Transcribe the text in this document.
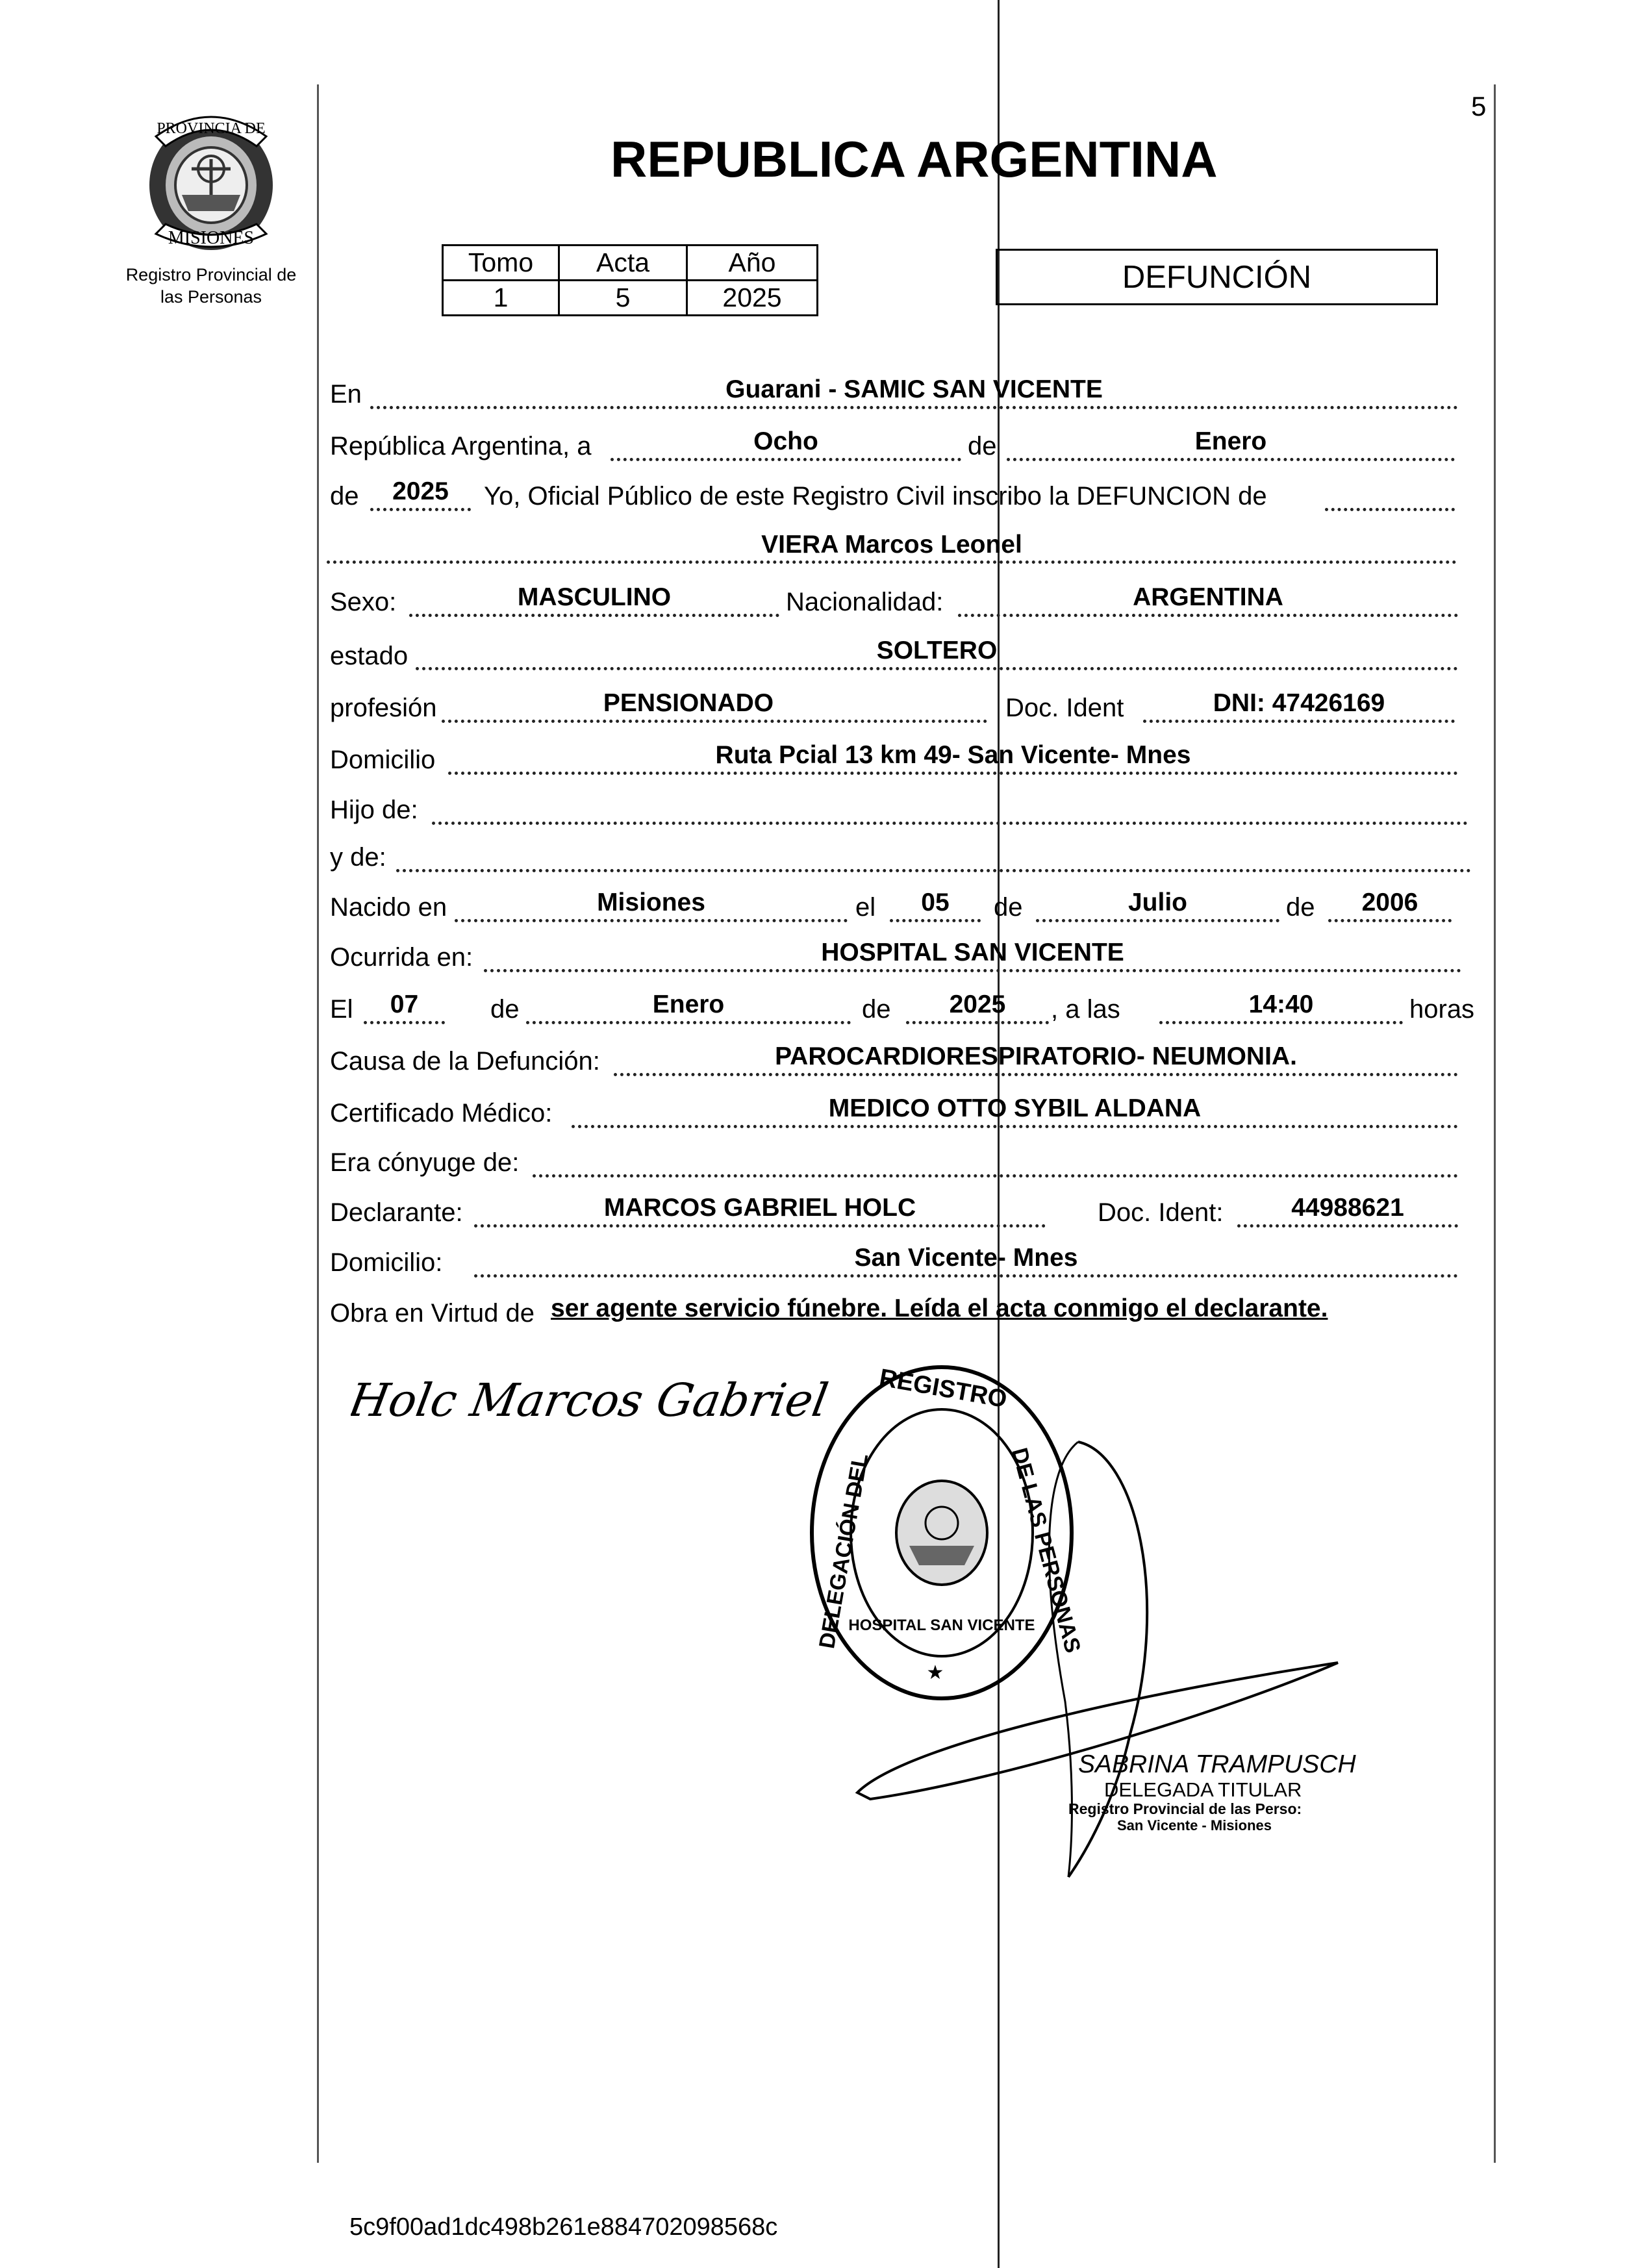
5
PROVINCIA DE
MISIONES
Registro Provincial de
las Personas
REPUBLICA ARGENTINA
Tomo	Acta	Año
1	5	2025
DEFUNCIÓN
En	Guarani - SAMIC SAN VICENTE
República Argentina, a	Ocho	de	Enero
de	2025	Yo, Oficial Público de este Registro Civil inscribo la DEFUNCION de
VIERA Marcos Leonel
Sexo:	MASCULINO	Nacionalidad:	ARGENTINA
estado	SOLTERO
profesión	PENSIONADO	Doc. Ident	DNI: 47426169
Domicilio	Ruta Pcial 13 km 49- San Vicente- Mnes
Hijo de:
y de:
Nacido en	Misiones	el	05	de	Julio	de	2006
Ocurrida en:	HOSPITAL SAN VICENTE
El	07	de	Enero	de	2025	, a las	14:40	horas
Causa de la Defunción:	PAROCARDIORESPIRATORIO- NEUMONIA.
Certificado Médico:	MEDICO OTTO SYBIL ALDANA
Era cónyuge de:
Declarante:	MARCOS GABRIEL HOLC	Doc. Ident:	44988621
Domicilio:	San Vicente- Mnes
Obra en Virtud de ser agente servicio fúnebre. Leída el acta conmigo el declarante.
Holc Marcos Gabriel REGISTRO
DELEGACIÓN DEL	DE LAS PERSONAS
HOSPITAL SAN VICENTE
★
SABRINA TRAMPUSCH
DELEGADA TITULAR
Registro Provincial de las Perso:
San Vicente - Misiones
5c9f00ad1dc498b261e884702098568c
